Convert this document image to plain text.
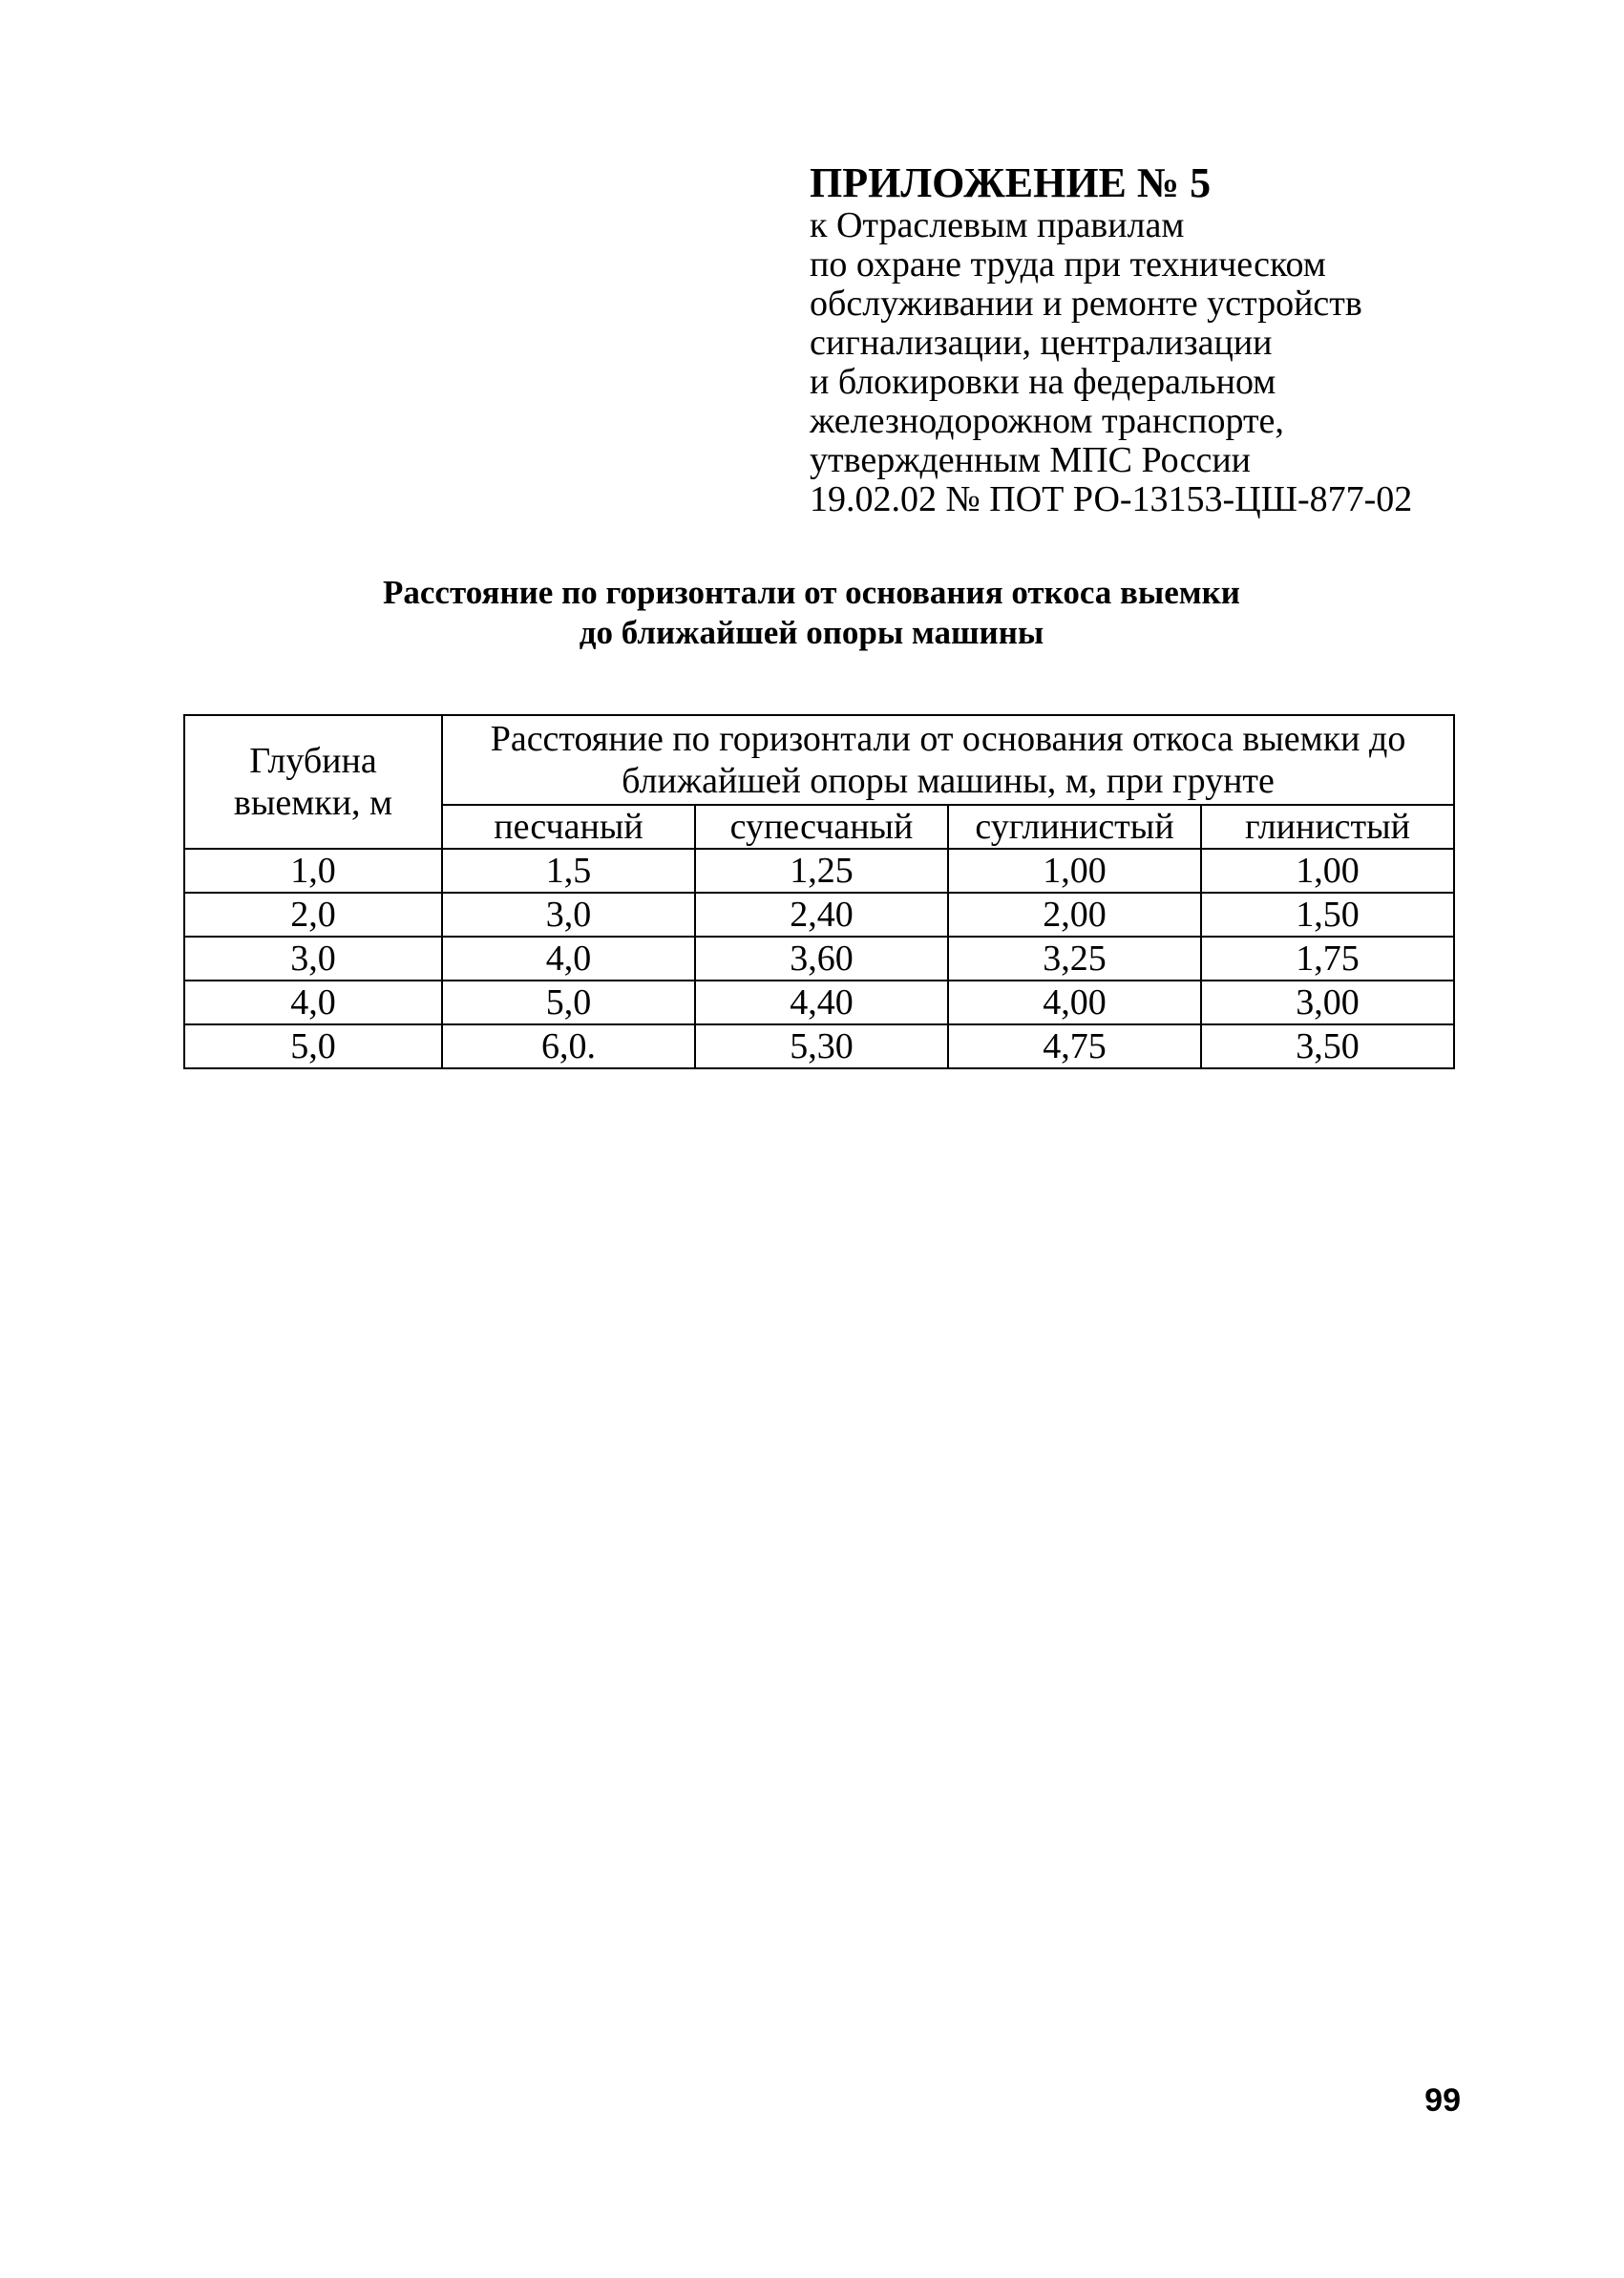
ПРИЛОЖЕНИЕ № 5

к Отраслевым правилам

по охране труда при техническом

обслуживании и ремонте устройств

сигнализации, централизации

и блокировки на федеральном

железнодорожном транспорте,

утвержденным МПС России

19.02.02 № ПОТ РО-13153-ЦШ-877-02

Расстояние по горизонтали от основания откоса выемки
до ближайшей опоры машины
Глубина выемки, м	Расстояние по горизонтали от основания откоса выемки до ближайшей опоры машины, м, при грунте			
	песчаный	супесчаный	суглинистый	глинистый
1,0	1,5	1,25	1,00	1,00
2,0	3,0	2,40	2,00	1,50
3,0	4,0	3,60	3,25	1,75
4,0	5,0	4,40	4,00	3,00
5,0	6,0.	5,30	4,75	3,50
99
